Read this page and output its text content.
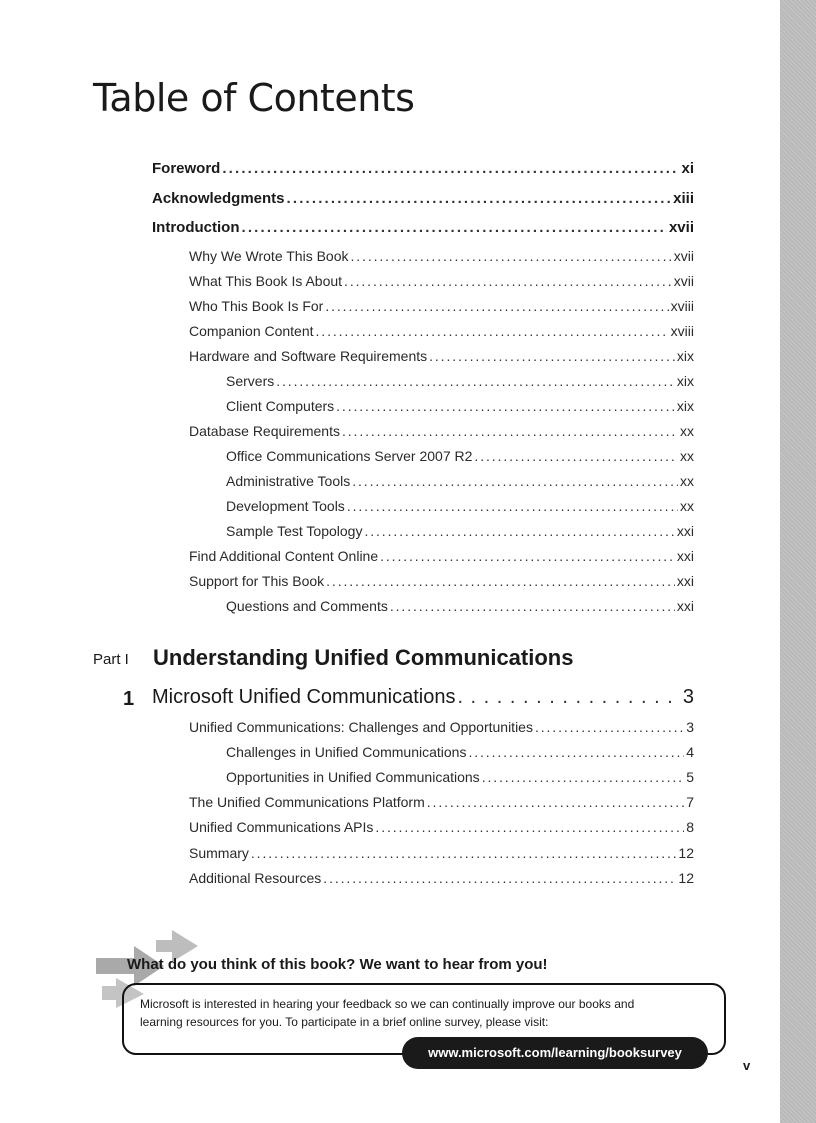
Table of Contents
Foreword . . .	xi
Acknowledgments . . .	xiii
Introduction . . .	xvii
Why We Wrote This Book . . .	xvii
What This Book Is About . . .	xvii
Who This Book Is For . . .	xviii
Companion Content . . .	xviii
Hardware and Software Requirements . . .	xix
Servers . . .	xix
Client Computers . . .	xix
Database Requirements . . .	xx
Office Communications Server 2007 R2 . . .	xx
Administrative Tools . . .	xx
Development Tools . . .	xx
Sample Test Topology . . .	xxi
Find Additional Content Online . . .	xxi
Support for This Book . . .	xxi
Questions and Comments . . .	xxi
Part I Understanding Unified Communications
1 Microsoft Unified Communications . . .	3
Unified Communications: Challenges and Opportunities . . .	3
Challenges in Unified Communications . . .	4
Opportunities in Unified Communications . . .	5
The Unified Communications Platform . . .	7
Unified Communications APIs . . .	8
Summary . . .	12
Additional Resources . . .	12
What do you think of this book? We want to hear from you!
Microsoft is interested in hearing your feedback so we can continually improve our books and
learning resources for you. To participate in a brief online survey, please visit:
www.microsoft.com/learning/booksurvey
v
